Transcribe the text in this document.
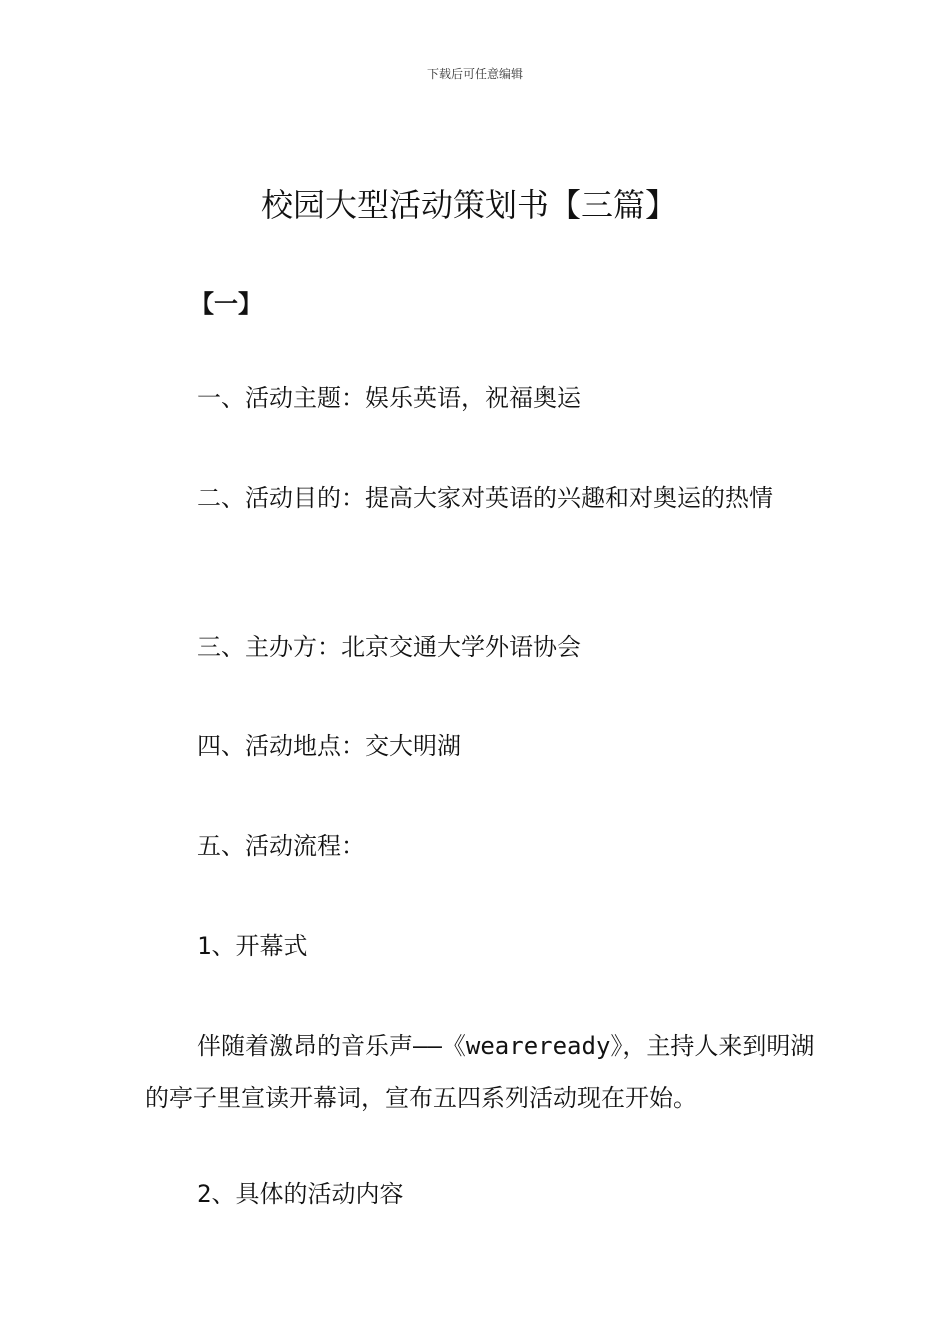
下载后可任意编辑
校园大型活动策划书【三篇】
【一】

一、活动主题：娱乐英语，祝福奥运

二、活动目的：提高大家对英语的兴趣和对奥运的热情

三、主办方：北京交通大学外语协会

四、活动地点：交大明湖

五、活动流程：

1、开幕式

伴随着激昂的音乐声——《weareready》，主持人来到明湖的亭子里宣读开幕词，宣布五四系列活动现在开始。

2、具体的活动内容
